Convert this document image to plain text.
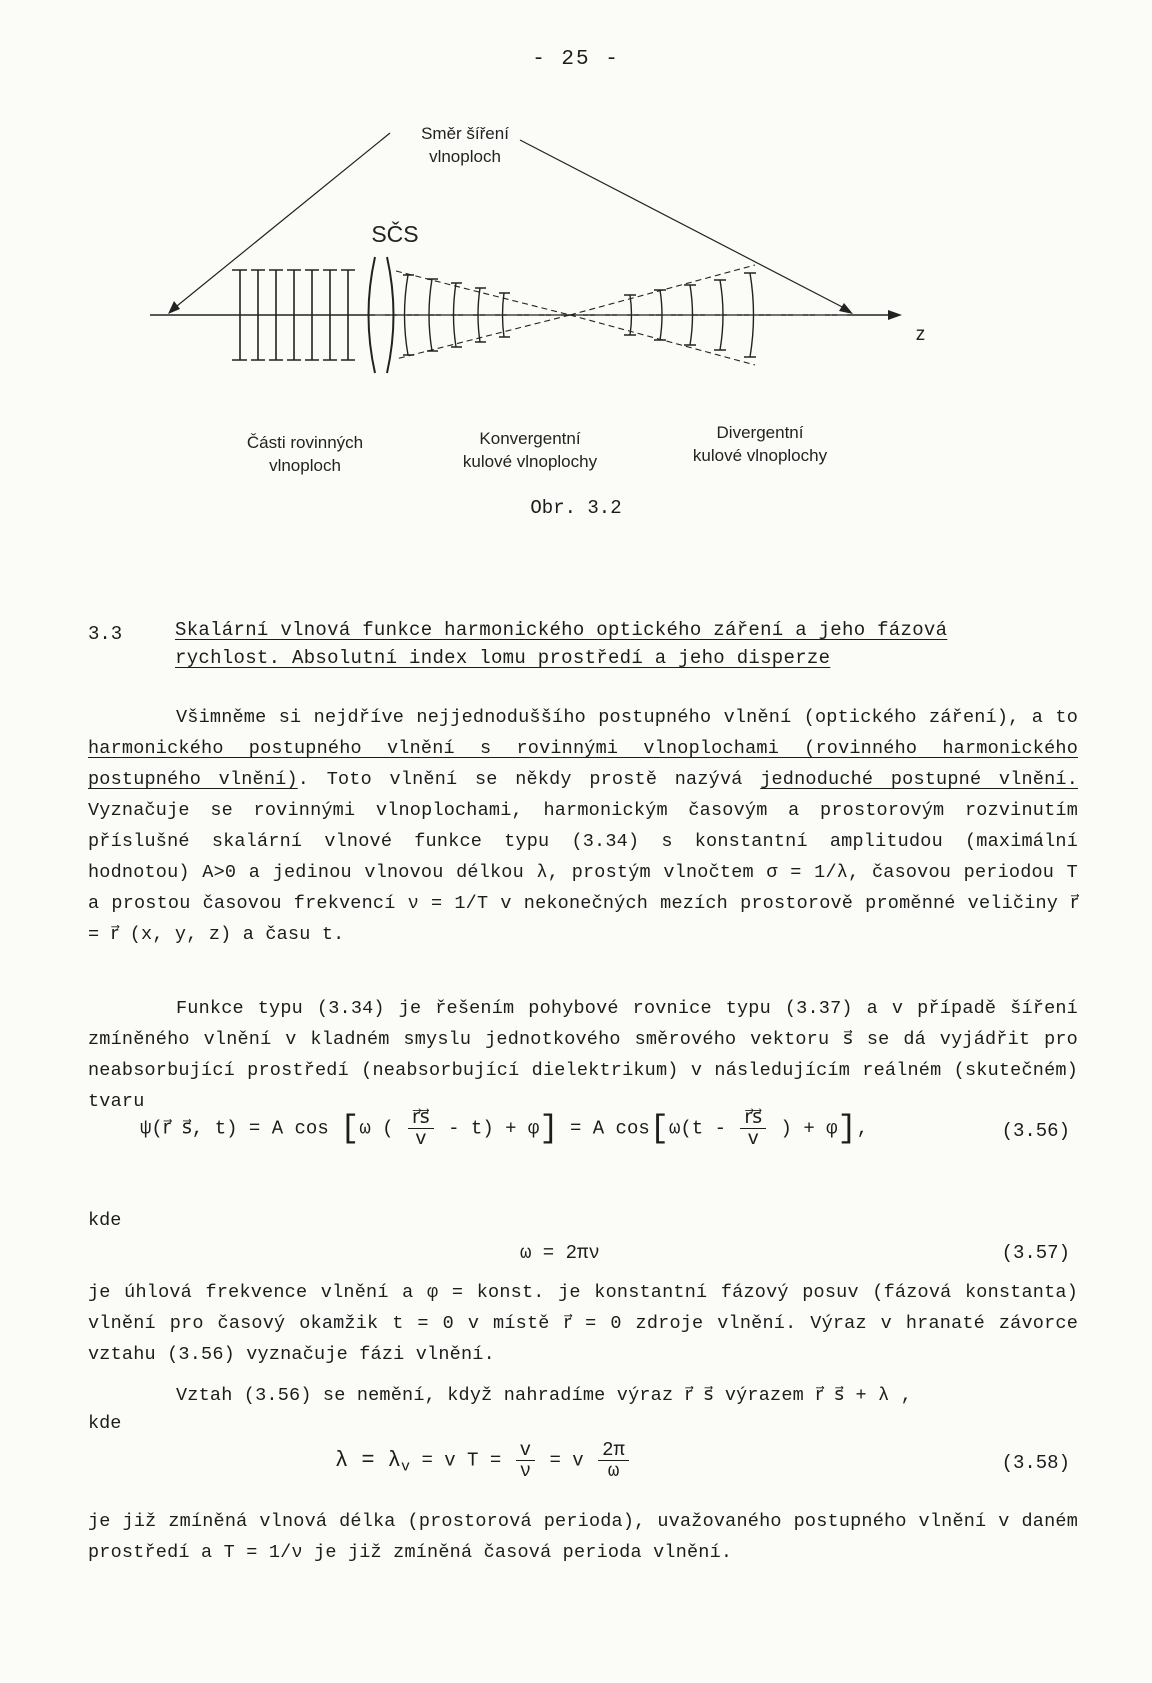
- 25 -
Směr šíření
vlnoploch
SČS
z
Části rovinných
vlnoploch
Konvergentní
kulové vlnoplochy
Divergentní
kulové vlnoplochy
Obr. 3.2
3.3	Skalární vlnová funkce harmonického optického záření a jeho fázová rychlost. Absolutní index lomu prostředí a jeho disperze
Všimněme si nejdříve nejjednoduššího postupného vlnění (optického záření), a to harmonického postupného vlnění s rovinnými vlnoplochami (rovinného harmonického postupného vlnění). Toto vlnění se někdy prostě nazývá jednoduché postupné vlnění. Vyznačuje se rovinnými vlnoplochami, harmonickým časovým a prostorovým rozvinutím příslušné skalární vlnové funkce typu (3.34) s konstantní amplitudou (maximální hodnotou) A>0 a jedinou vlnovou délkou λ, prostým vlnočtem σ = 1/λ, časovou periodou T a prostou časovou frekvencí ν = 1/T v nekonečných mezích prostorově proměnné veličiny r⃗ = r⃗ (x, y, z) a času t.
Funkce typu (3.34) je řešením pohybové rovnice typu (3.37) a v případě šíření zmíněného vlnění v kladném smyslu jednotkového směrového vektoru s⃗ se dá vyjádřit pro neabsorbující prostředí (neabsorbující dielektrikum) v následujícím reálném (skutečném) tvaru
ψ(r⃗ s⃗, t) = A cos [ω ( $\frac{r⃗s⃗}{v} - t) + \varphi] = A$ $\cos[\omega(t - \frac{r⃗s⃗}{v}$ ) + φ],	(3.56)
kde
ω = 2πν	(3.57)
je úhlová frekvence vlnění a φ = konst. je konstantní fázový posuv (fázová konstanta) vlnění pro časový okamžik t = 0 v místě r⃗ = 0 zdroje vlnění. Výraz v hranaté závorce vztahu (3.56) vyznačuje fázi vlnění.
Vztah (3.56) se nemění, když nahradíme výraz r⃗ s⃗ výrazem r⃗ s⃗ + λ ,
kde
$\lambda = \lambda_v = v$ $T = \frac{v}{\nu} = v \frac{2\pi}{\omega}$	(3.58)
je již zmíněná vlnová délka (prostorová perioda), uvažovaného postupného vlnění v daném prostředí a T = 1/ν je již zmíněná časová perioda vlnění.
